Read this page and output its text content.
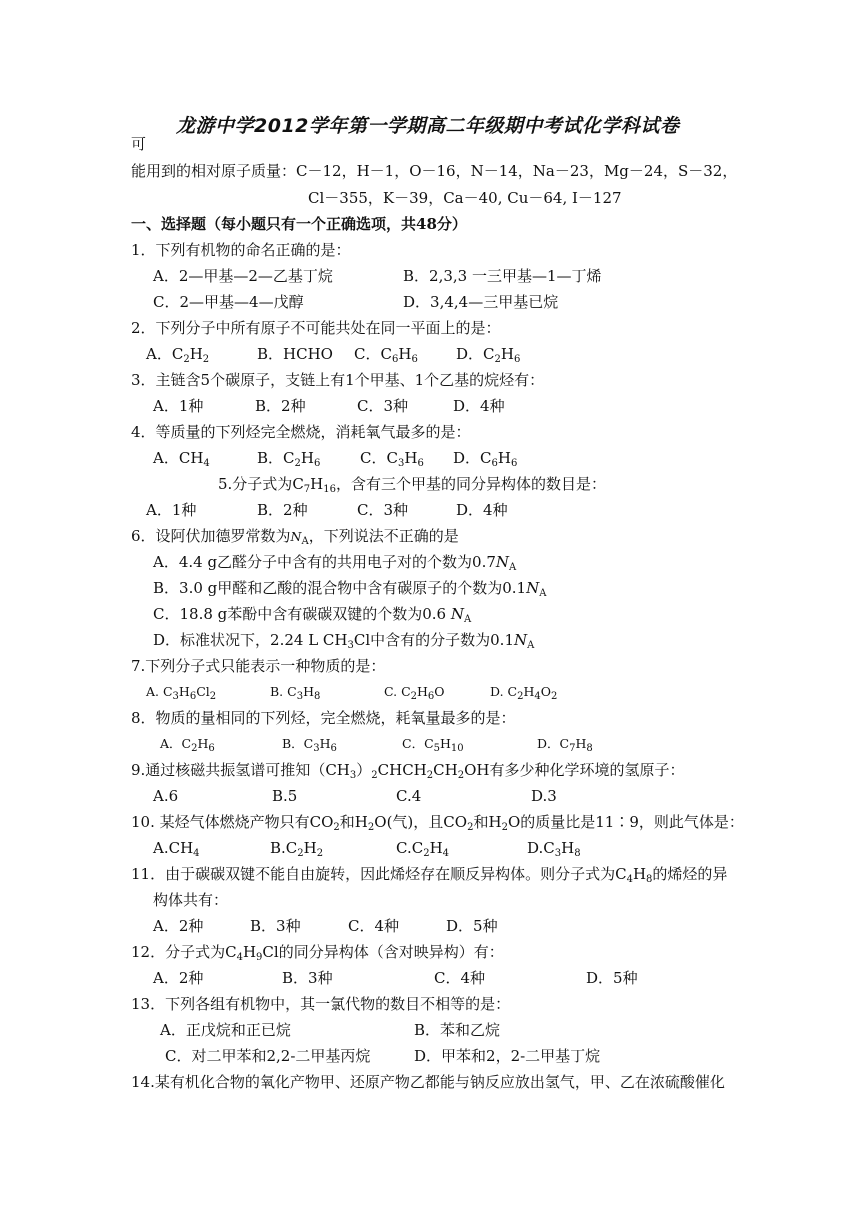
龙游中学2012学年第一学期高二年级期中考试化学科试卷
可
能用到的相对原子质量：C－12，H－1，O－16，N－14，Na－23，Mg－24，S－32，
Cl－355，K－39，Ca－40, Cu－64, I－127
一、选择题（每小题只有一个正确选项，共48分）
1．下列有机物的命名正确的是：
A．2—甲基—2—乙基丁烷	B．2,3,3 一三甲基—1—丁烯
C．2—甲基—4—戊醇	D．3,4,4—三甲基已烷
2．下列分子中所有原子不可能共处在同一平面上的是：
A．$C_2H_2$	B．HCHO C．$C_6H_6$	D．$C_2H_6$
3．主链含5个碳原子，支链上有1个甲基、1个乙基的烷烃有：
A．1种	B．2种	C．3种	D．4种
4．等质量的下列烃完全燃烧，消耗氧气最多的是：
A．$CH_4$	B．$C_2H_6$	C．$C_3H_6$ D．$C_6H_6$
5.分子式为$C_7H_{16}$，含有三个甲基的同分异构体的数目是：
A．1种	B．2种	C．3种	D．4种
6．设阿伏加德罗常数为$N_A$，下列说法不正确的是
A．4.4 g乙醛分子中含有的共用电子对的个数为$0.7N_A$
B．3.0 g甲醛和乙酸的混合物中含有碳原子的个数为$0.1N_A$
C．18.8 g苯酚中含有碳碳双键的个数为0.6 $N_A$
D．标准状况下，2.24 L $CH_3Cl$中含有的分子数为$0.1N_A$
7.下列分子式只能表示一种物质的是：
A. $C_3H_6Cl_2$	B. $C_3H_8$	C. $C_2H_6O$	D. $C_2H_4O_2$
8．物质的量相同的下列烃，完全燃烧，耗氧量最多的是：
A．$C_2H_6$	B．$C_3H_6$	C．$C_5H_{10}$	D．$C_7H_8$
9.通过核磁共振氢谱可推知$(CH_3)_2CHCH_2CH_2OH$有多少种化学环境的氢原子：
A.6	B.5	C.4	D.3
10. 某烃气体燃烧产物只有$CO_2$和$H_2O$(气)，且$CO_2$和$H_2O$的质量比是11∶9，则此气体是：
$A.CH_4$	$B.C_2H_2$	$C.C_2H_4$	$D.C_3H_8$
11．由于碳碳双键不能自由旋转，因此烯烃存在顺反异构体。则分子式为$C_4H_8$的烯烃的异
构体共有：
A．2种	B．3种	C．4种	D．5种
12．分子式为$C_4H_9Cl$的同分异构体（含对映异构）有：
A．2种	B．3种	C．4种	D．5种
13．下列各组有机物中，其一氯代物的数目不相等的是：
A．正戊烷和正已烷	B．苯和乙烷
C．对二甲苯和2,2-二甲基丙烷	D．甲苯和2，2-二甲基丁烷
14.某有机化合物的氧化产物甲、还原产物乙都能与钠反应放出氢气，甲、乙在浓硫酸催化
